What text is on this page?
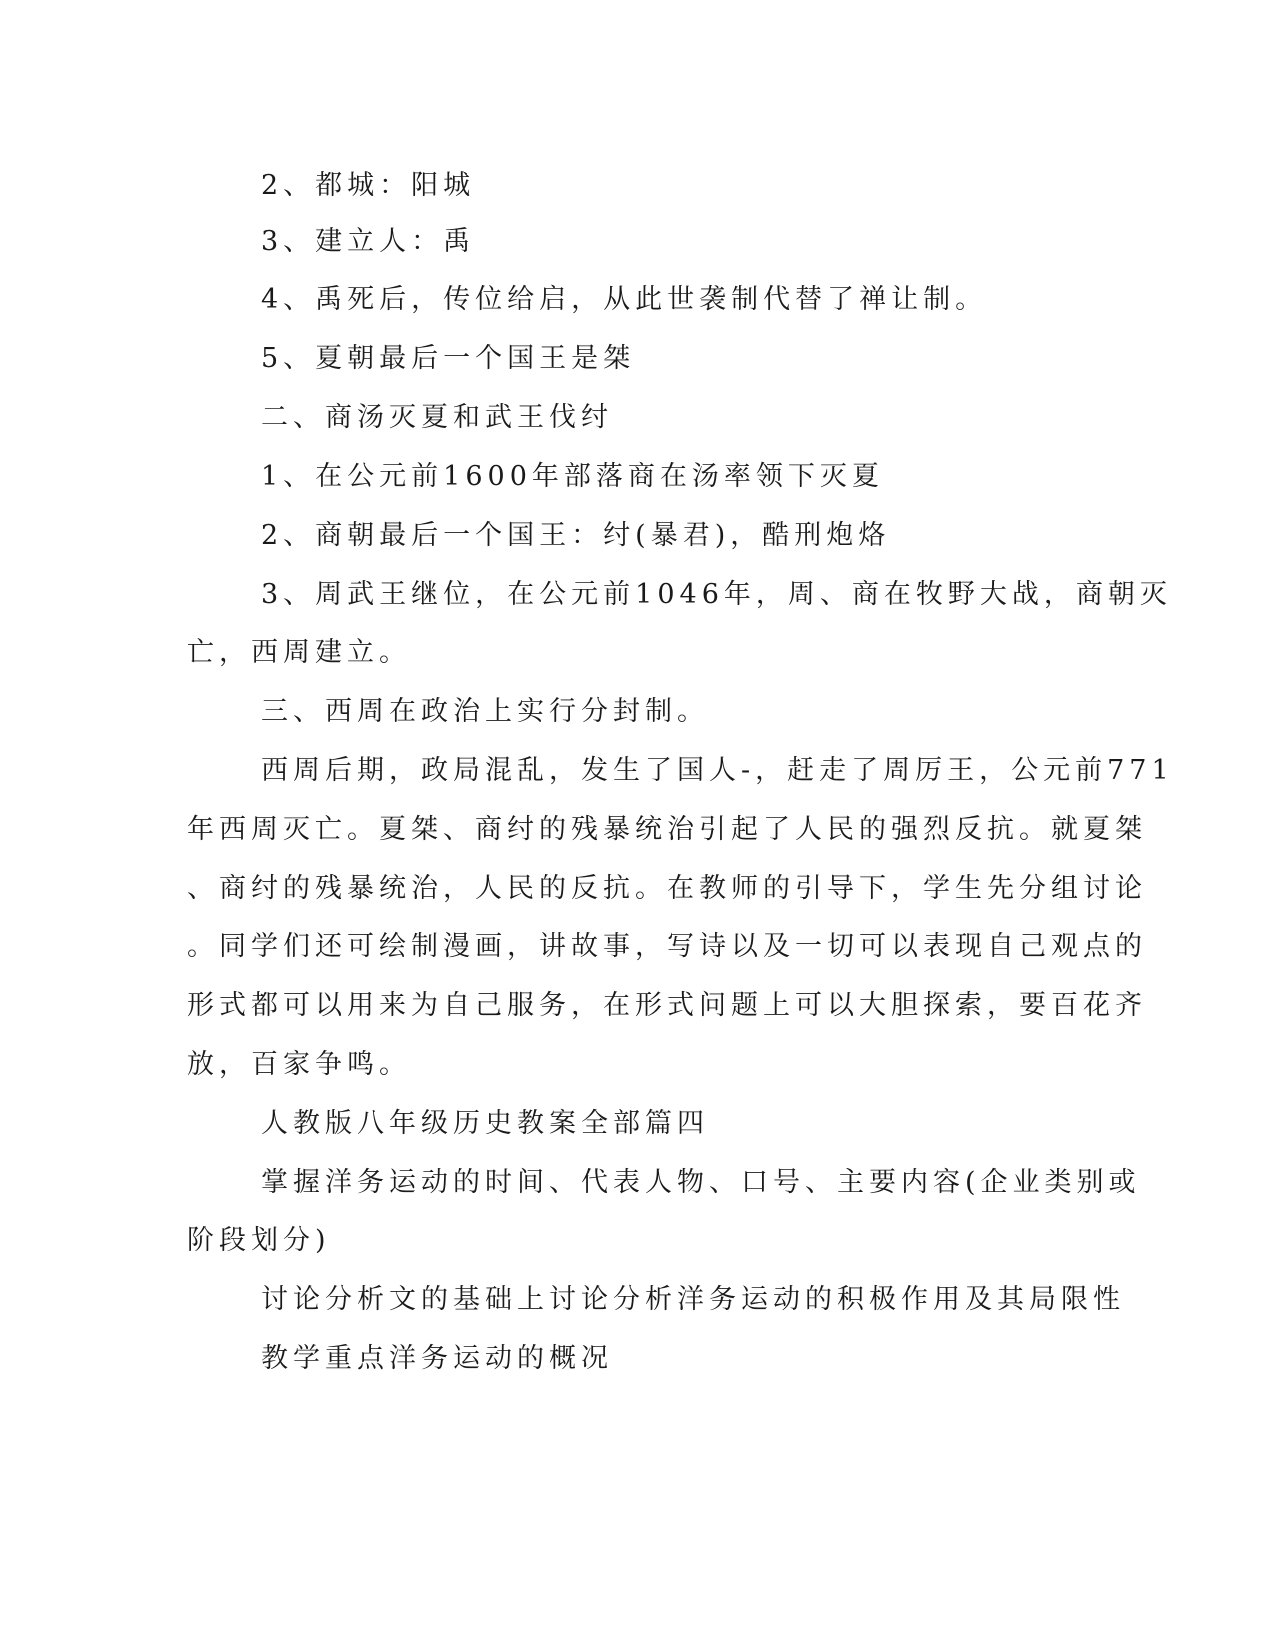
2、都城：阳城
3、建立人：禹
4、禹死后，传位给启，从此世袭制代替了禅让制。
5、夏朝最后一个国王是桀
二、商汤灭夏和武王伐纣
1、在公元前1600年部落商在汤率领下灭夏
2、商朝最后一个国王：纣(暴君)，酷刑炮烙
3、周武王继位，在公元前1046年，周、商在牧野大战，商朝灭
亡，西周建立。
三、西周在政治上实行分封制。
西周后期，政局混乱，发生了国人-，赶走了周厉王，公元前771
年西周灭亡。夏桀、商纣的残暴统治引起了人民的强烈反抗。就夏桀
、商纣的残暴统治，人民的反抗。在教师的引导下，学生先分组讨论
。同学们还可绘制漫画，讲故事，写诗以及一切可以表现自己观点的
形式都可以用来为自己服务，在形式问题上可以大胆探索，要百花齐
放，百家争鸣。
人教版八年级历史教案全部篇四
掌握洋务运动的时间、代表人物、口号、主要内容(企业类别或
阶段划分)
讨论分析文的基础上讨论分析洋务运动的积极作用及其局限性
教学重点洋务运动的概况
